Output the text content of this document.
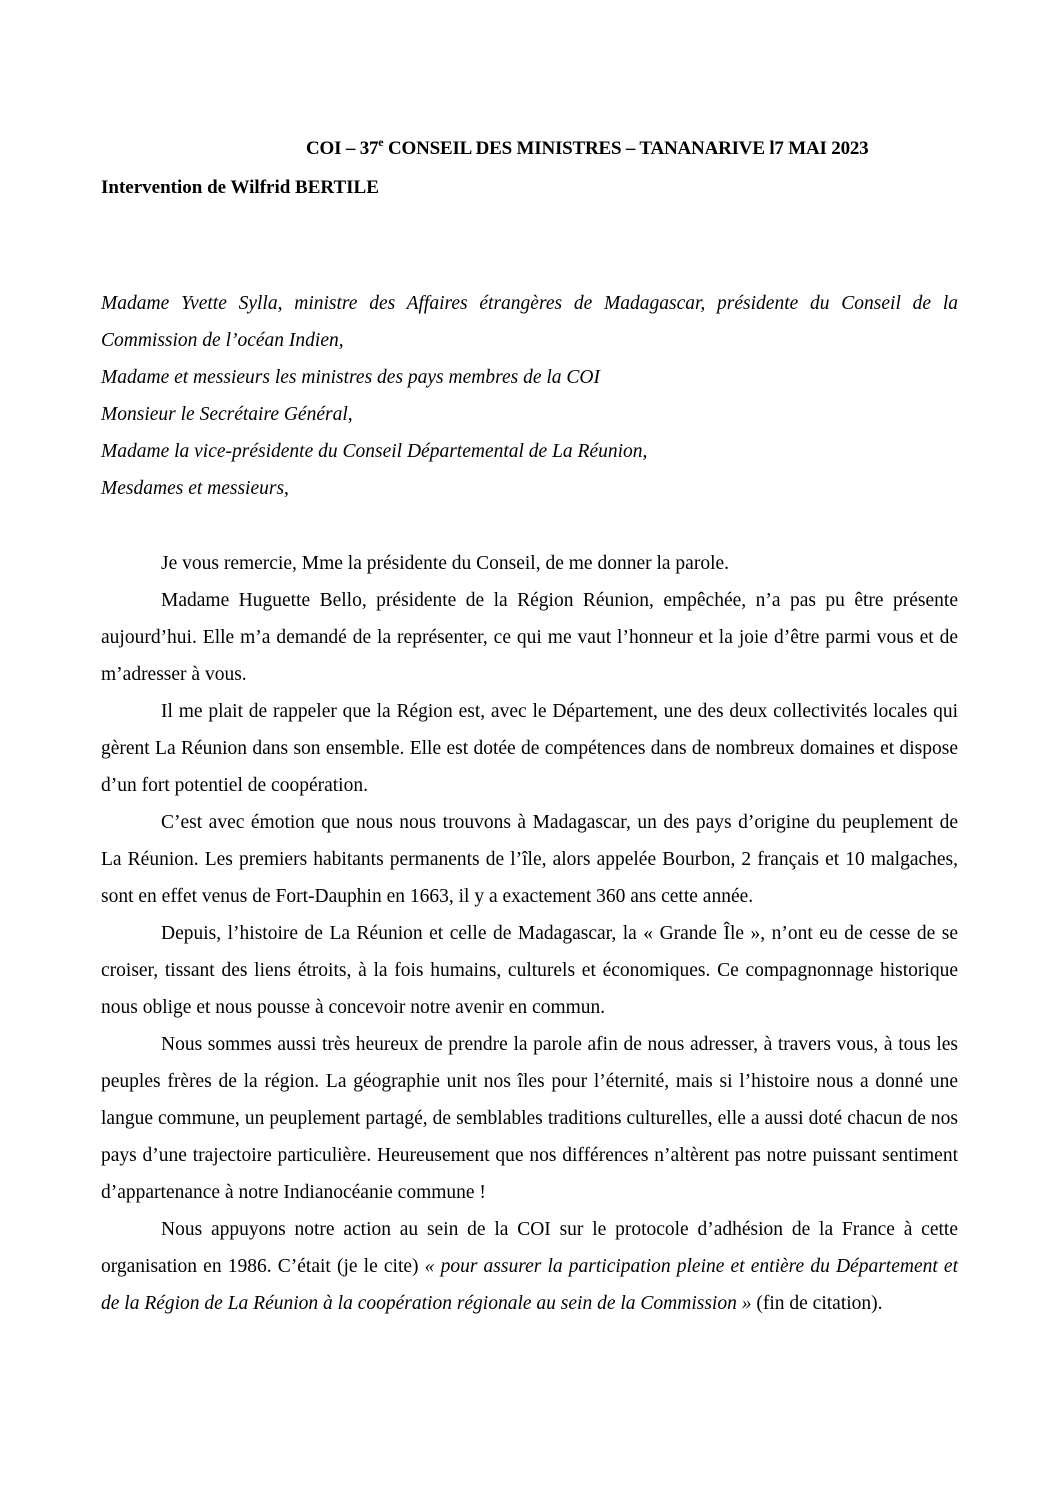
COI – 37e CONSEIL DES MINISTRES – TANANARIVE l7 MAI 2023
Intervention de Wilfrid BERTILE
Madame Yvette Sylla, ministre des Affaires étrangères de Madagascar, présidente du Conseil de la Commission de l’océan Indien,
Madame et messieurs les ministres des pays membres de la COI
Monsieur le Secrétaire Général,
Madame la vice-présidente du Conseil Départemental de La Réunion,
Mesdames et messieurs,

Je vous remercie, Mme la présidente du Conseil, de me donner la parole.

Madame Huguette Bello, présidente de la Région Réunion, empêchée, n’a pas pu être présente aujourd’hui. Elle m’a demandé de la représenter, ce qui me vaut l’honneur et la joie d’être parmi vous et de m’adresser à vous.

Il me plait de rappeler que la Région est, avec le Département, une des deux collectivités locales qui gèrent La Réunion dans son ensemble. Elle est dotée de compétences dans de nombreux domaines et dispose d’un fort potentiel de coopération.

C’est avec émotion que nous nous trouvons à Madagascar, un des pays d’origine du peuplement de La Réunion. Les premiers habitants permanents de l’île, alors appelée Bourbon, 2 français et 10 malgaches, sont en effet venus de Fort-Dauphin en 1663, il y a exactement 360 ans cette année.

Depuis, l’histoire de La Réunion et celle de Madagascar, la « Grande Île », n’ont eu de cesse de se croiser, tissant des liens étroits, à la fois humains, culturels et économiques. Ce compagnonnage historique nous oblige et nous pousse à concevoir notre avenir en commun.

Nous sommes aussi très heureux de prendre la parole afin de nous adresser, à travers vous, à tous les peuples frères de la région. La géographie unit nos îles pour l’éternité, mais si l’histoire nous a donné une langue commune, un peuplement partagé, de semblables traditions culturelles, elle a aussi doté chacun de nos pays d’une trajectoire particulière. Heureusement que nos différences n’altèrent pas notre puissant sentiment d’appartenance à notre Indianocéanie commune !

Nous appuyons notre action au sein de la COI sur le protocole d’adhésion de la France à cette organisation en 1986. C’était (je le cite) « pour assurer la participation pleine et entière du Département et de la Région de La Réunion à la coopération régionale au sein de la Commission » (fin de citation).
